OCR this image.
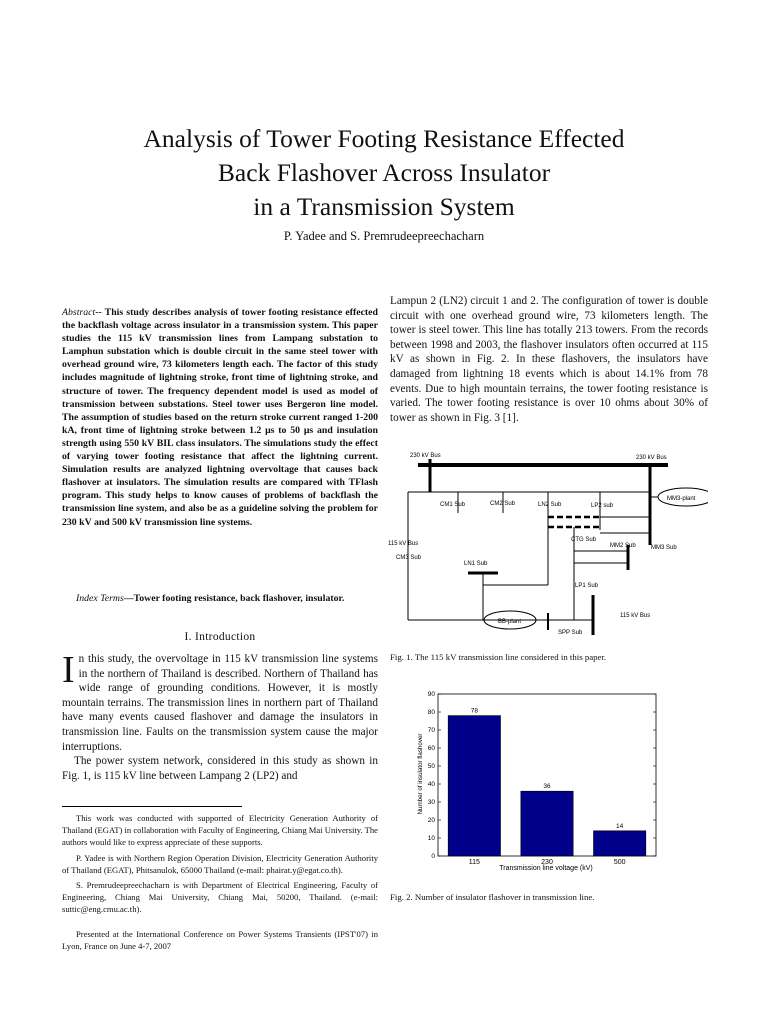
Analysis of Tower Footing Resistance Effected
Back Flashover Across Insulator
in a Transmission System
P. Yadee and S. Premrudeepreechacharn
Abstract-- This study describes analysis of tower footing resistance effected the backflash voltage across insulator in a transmission system. This paper studies the 115 kV transmission lines from Lampang substation to Lamphun substation which is double circuit in the same steel tower with overhead ground wire, 73 kilometers length each. The factor of this study includes magnitude of lightning stroke, front time of lightning stroke, and structure of tower. The frequency dependent model is used as model of transmission between substations. Steel tower uses Bergeron line model. The assumption of studies based on the return stroke current ranged 1-200 kA, front time of lightning stroke between 1.2 μs to 50 μs and insulation strength using 550 kV BIL class insulators. The simulations study the effect of varying tower footing resistance that affect the lightning current. Simulation results are analyzed lightning overvoltage that causes back flashover at insulators. The simulation results are compared with TFlash program. This study helps to know causes of problems of backflash the transmission line system, and also be as a guideline solving the problem for 230 kV and 500 kV transmission line systems.
Index Terms—Tower footing resistance, back flashover, insulator.
I. Introduction
In this study, the overvoltage in 115 kV transmission line systems in the northern of Thailand is described. Northern of Thailand has wide range of grounding conditions. However, it is mostly mountain terrains. The transmission lines in northern part of Thailand have many events caused flashover and damage the insulators in transmission line. Faults on the transmission system cause the major interruptions.
The power system network, considered in this study as shown in Fig. 1, is 115 kV line between Lampang 2 (LP2) and

This work was conducted with supported of Electricity Generation Authority of Thailand (EGAT) in collaboration with Faculty of Engineering, Chiang Mai University. The authors would like to express appreciate of these supports.

P. Yadee is with Northern Region Operation Division, Electricity Generation Authority of Thailand (EGAT), Phitsanulok, 65000 Thailand (e-mail: phairat.y@egat.co.th).

S. Premrudeepreechacharn is with Department of Electrical Engineering, Faculty of Engineering, Chiang Mai University, Chiang Mai, 50200, Thailand. (e-mail: suttic@eng.cmu.ac.th).

Presented at the International Conference on Power Systems Transients (IPST'07) in Lyon, France on June 4-7, 2007

Lampun 2 (LN2) circuit 1 and 2. The configuration of tower is double circuit with one overhead ground wire, 73 kilometers length. The tower is steel tower. This line has totally 213 towers. From the records between 1998 and 2003, the flashover insulators often occurred at 115 kV as shown in Fig. 2. In these flashovers, the insulators have damaged from lightning 18 events which is about 14.1% from 78 events. Due to high mountain terrains, the tower footing resistance is varied. The tower footing resistance is over 10 ohms about 30% of tower as shown in Fig. 3 [1].
230 kV Bus	230 kV Bus
MM3-plant
CM1 Sub	CM2 Sub	LN2 Sub	LP2 sub
CTG Sub
MM2 Sub	MM3 Sub
115 kV Bus
CM3 Sub
LN1 Sub
LP1 Sub
115 kV Bus
BB-plant
SPP Sub
Fig. 1. The 115 kV transmission line considered in this paper.
0
10
20
30
40
50
60
70
80
90
115	230	500
78
36
14
Number of insulator flashover
Transmission line voltage (kV)
Fig. 2. Number of insulator flashover in transmission line.
